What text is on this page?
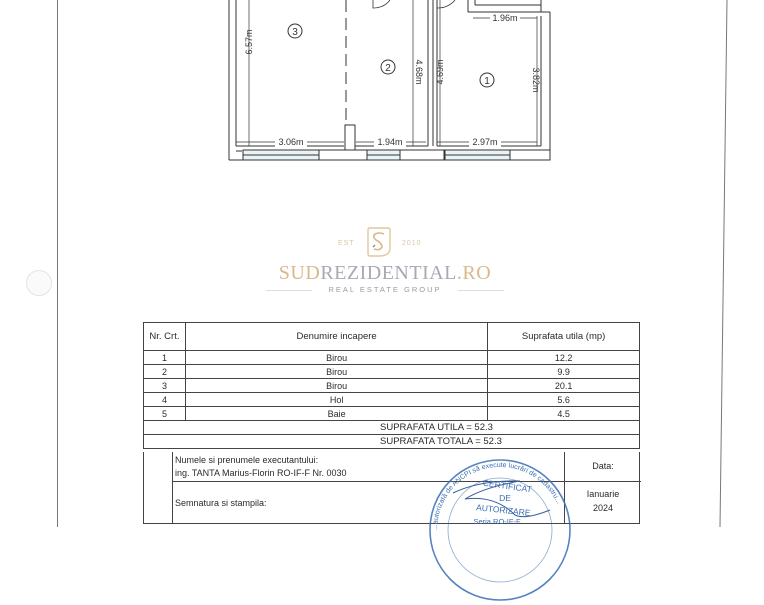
3
2
1
6.57m
4.68m 4.69m	3.82m
1.96m
3.06m	1.94m	2.97m
EST	2010
SUDREZIDENTIAL.RO
REAL ESTATE GROUP
Nr. Crt.	Denumire incapere	Suprafata utila (mp)
1	Birou	12.2
2	Birou	9.9
3	Birou	20.1
4	Hol	5.6
5	Baie	4.5
SUPRAFATA UTILA = 52.3		
SUPRAFATA TOTALA = 52.3		
Numele si prenumele executantului:
ing. TANTA Marius-Florin RO-IF-F Nr. 0030
Semnatura si stampila:
Data:
Ianuarie
2024
...autorizată de ANCPI să execute lucrări de cadastru...
CERTIFICAT
DE
AUTORIZARE
Seria RO-IF-F
